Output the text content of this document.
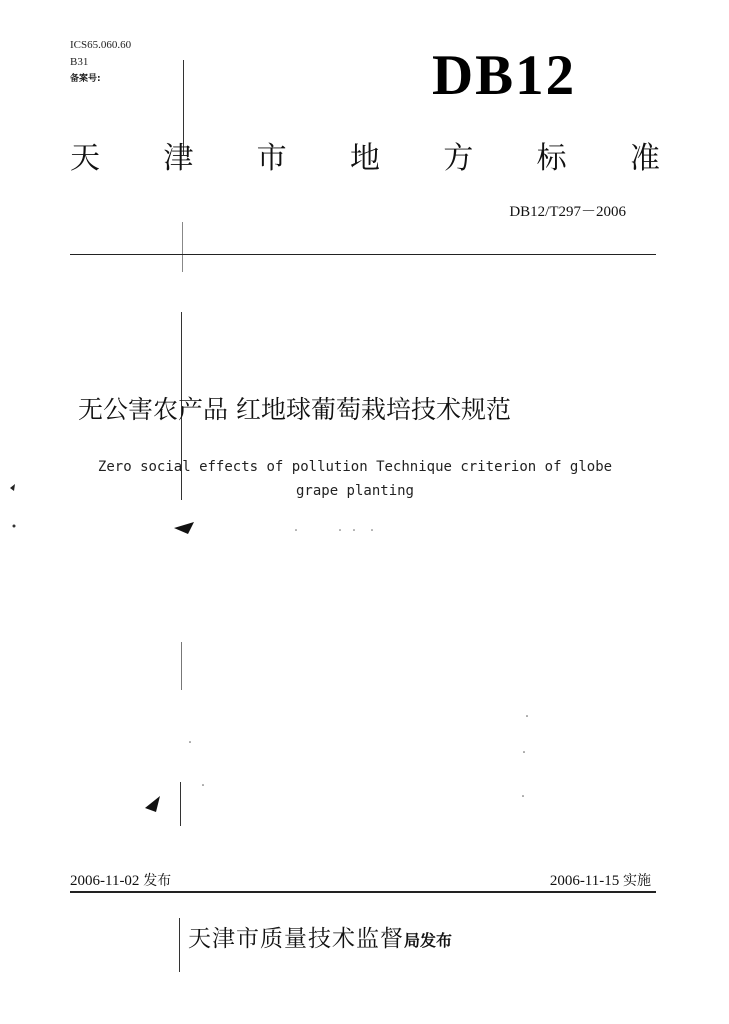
ICS65.060.60
B31
备案号:	DB12
天 津 市 地 方 标 准
DB12/T297－2006
无公害农产品 红地球葡萄栽培技术规范
Zero social effects of pollution Technique criterion of globe
grape planting
2006-11-02 发布	2006-11-15 实施
天津市质量技术监督局发布
